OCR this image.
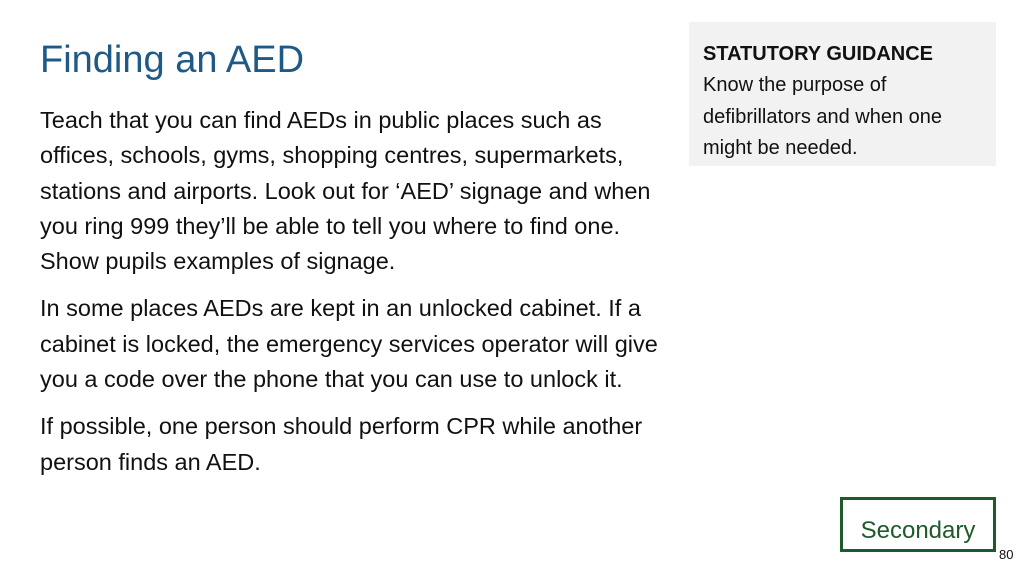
Finding an AED

Teach that you can find AEDs in public places such as offices, schools, gyms, shopping centres, supermarkets, stations and airports. Look out for ‘AED’ signage and when you ring 999 they’ll be able to tell you where to find one. Show pupils examples of signage.

In some places AEDs are kept in an unlocked cabinet. If a cabinet is locked, the emergency services operator will give you a code over the phone that you can use to unlock it.

If possible, one person should perform CPR while another person finds an AED.

STATUTORY GUIDANCE
Know the purpose of defibrillators and when one might be needed.
Secondary
80
